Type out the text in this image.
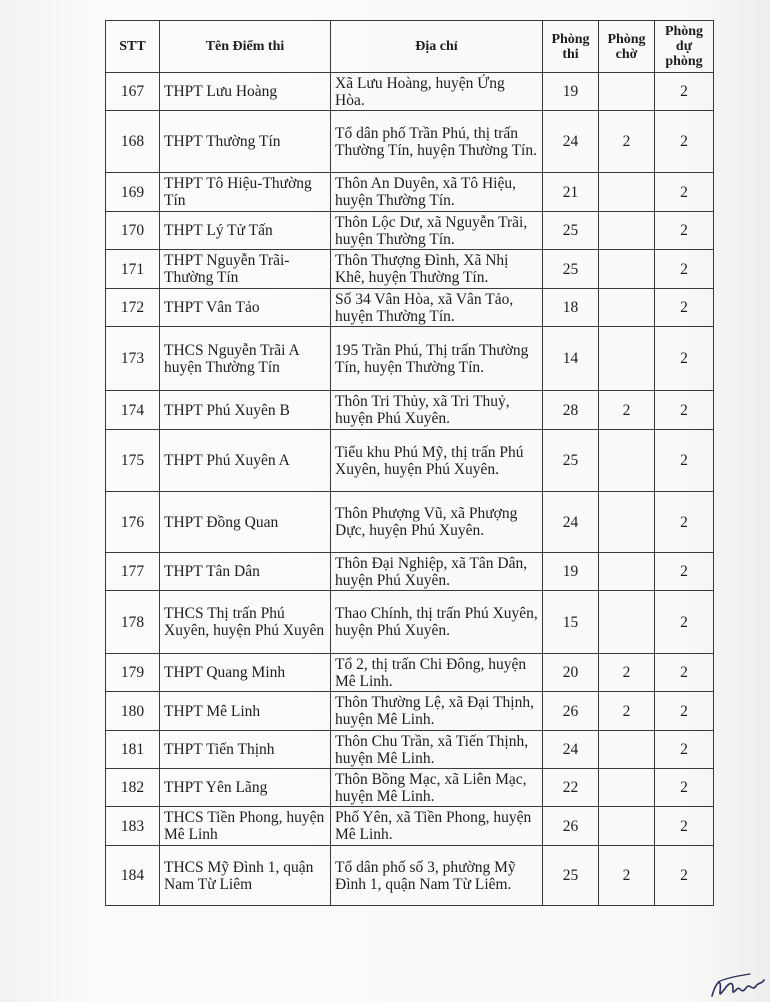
STT	Tên Điểm thi	Địa chỉ	Phòng thi	Phòng chờ	Phòng dự phòng
167	THPT Lưu Hoàng	Xã Lưu Hoàng, huyện Ứng Hòa.	19		2
168	THPT Thường Tín	Tổ dân phố Trần Phú, thị trấn Thường Tín, huyện Thường Tín.	24	2	2
169	THPT Tô Hiệu-Thường Tín	Thôn An Duyên, xã Tô Hiệu, huyện Thường Tín.	21		2
170	THPT Lý Tử Tấn	Thôn Lộc Dư, xã Nguyễn Trãi, huyện Thường Tín.	25		2
171	THPT Nguyễn Trãi-Thường Tín	Thôn Thượng Đình, Xã Nhị Khê, huyện Thường Tín.	25		2
172	THPT Vân Tảo	Số 34 Vân Hòa, xã Vân Tảo, huyện Thường Tín.	18		2
173	THCS Nguyễn Trãi A huyện Thường Tín	195 Trần Phú, Thị trấn Thường Tín, huyện Thường Tín.	14		2
174	THPT Phú Xuyên B	Thôn Tri Thủy, xã Tri Thuỷ, huyện Phú Xuyên.	28	2	2
175	THPT Phú Xuyên A	Tiểu khu Phú Mỹ, thị trấn Phú Xuyên, huyện Phú Xuyên.	25		2
176	THPT Đồng Quan	Thôn Phượng Vũ, xã Phượng Dực, huyện Phú Xuyên.	24		2
177	THPT Tân Dân	Thôn Đại Nghiệp, xã Tân Dân, huyện Phú Xuyên.	19		2
178	THCS Thị trấn Phú Xuyên, huyện Phú Xuyên	Thao Chính, thị trấn Phú Xuyên, huyện Phú Xuyên.	15		2
179	THPT Quang Minh	Tổ 2, thị trấn Chi Đông, huyện Mê Linh.	20	2	2
180	THPT Mê Linh	Thôn Thường Lệ, xã Đại Thịnh, huyện Mê Linh.	26	2	2
181	THPT Tiến Thịnh	Thôn Chu Trần, xã Tiến Thịnh, huyện Mê Linh.	24		2
182	THPT Yên Lãng	Thôn Bồng Mạc, xã Liên Mạc, huyện Mê Linh.	22		2
183	THCS Tiền Phong, huyện Mê Linh	Phố Yên, xã Tiền Phong, huyện Mê Linh.	26		2
184	THCS Mỹ Đình 1, quận Nam Từ Liêm	Tổ dân phố số 3, phường Mỹ Đình 1, quận Nam Từ Liêm.	25	2	2
